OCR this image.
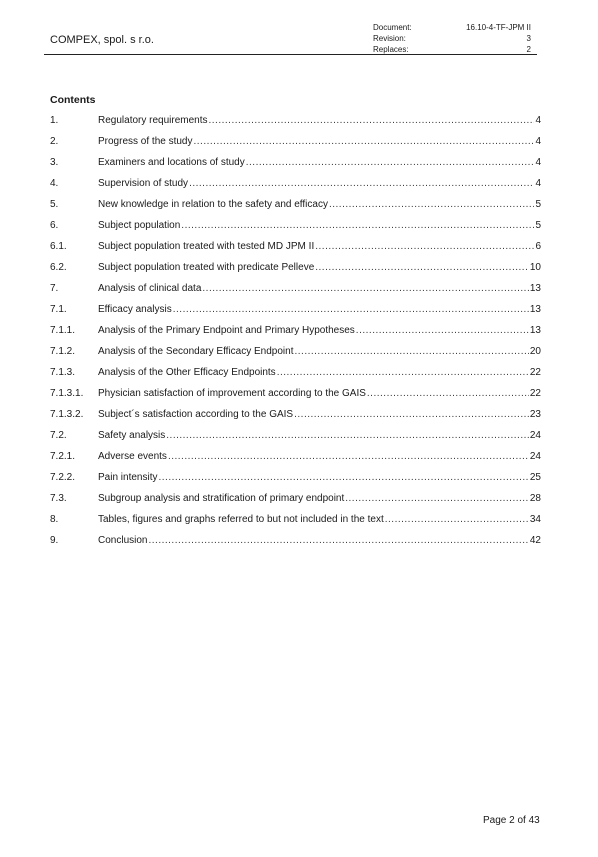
COMPEX, spol. s r.o.
Document:	16.10-4-TF-JPM II
Revision:	3
Replaces:	2
Contents
1.	Regulatory requirements .....	4
2.	Progress of the study .....	4
3.	Examiners and locations of study .....	4
4.	Supervision of study .....	4
5.	New knowledge in relation to the safety and efficacy .....	5
6.	Subject population .....	5
6.1.	Subject population treated with tested MD JPM II .....	6
6.2.	Subject population treated with predicate Pelleve .....	10
7.	Analysis of clinical data .....	13
7.1.	Efficacy analysis .....	13
7.1.1.	Analysis of the Primary Endpoint and Primary Hypotheses .....	13
7.1.2.	Analysis of the Secondary Efficacy Endpoint .....	20
7.1.3.	Analysis of the Other Efficacy Endpoints .....	22
7.1.3.1.	Physician satisfaction of improvement according to the GAIS .....	22
7.1.3.2.	Subject´s satisfaction according to the GAIS .....	23
7.2.	Safety analysis .....	24
7.2.1.	Adverse events .....	24
7.2.2.	Pain intensity .....	25
7.3.	Subgroup analysis and stratification of primary endpoint .....	28
8.	Tables, figures and graphs referred to but not included in the text .....	34
9.	Conclusion .....	42
Page 2 of 43
